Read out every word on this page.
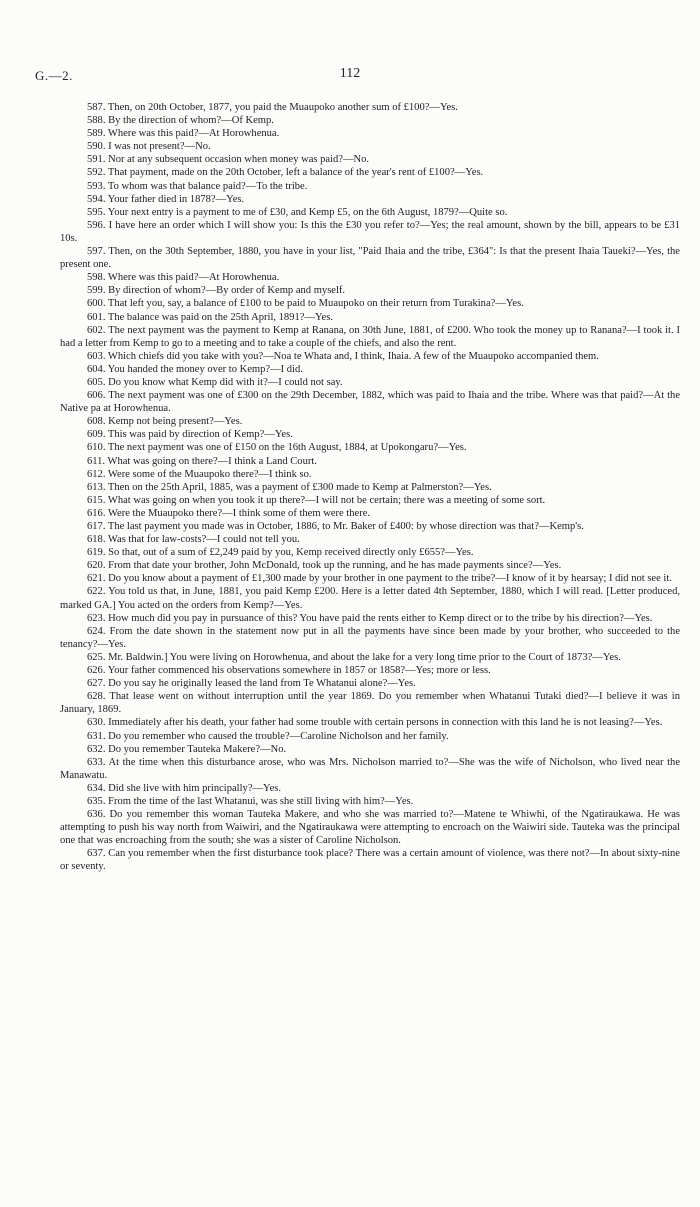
G.—2.	112

587. Then, on 20th October, 1877, you paid the Muaupoko another sum of £100?—Yes.

588. By the direction of whom?—Of Kemp.

589. Where was this paid?—At Horowhenua.

590. I was not present?—No.

591. Nor at any subsequent occasion when money was paid?—No.

592. That payment, made on the 20th October, left a balance of the year's rent of £100?—Yes.

593. To whom was that balance paid?—To the tribe.

594. Your father died in 1878?—Yes.

595. Your next entry is a payment to me of £30, and Kemp £5, on the 6th August, 1879?—Quite so.

596. I have here an order which I will show you: Is this the £30 you refer to?—Yes; the real amount, shown by the bill, appears to be £31 10s.

597. Then, on the 30th September, 1880, you have in your list, "Paid Ihaia and the tribe, £364": Is that the present Ihaia Taueki?—Yes, the present one.

598. Where was this paid?—At Horowhenua.

599. By direction of whom?—By order of Kemp and myself.

600. That left you, say, a balance of £100 to be paid to Muaupoko on their return from Turakina?—Yes.

601. The balance was paid on the 25th April, 1891?—Yes.

602. The next payment was the payment to Kemp at Ranana, on 30th June, 1881, of £200. Who took the money up to Ranana?—I took it. I had a letter from Kemp to go to a meeting and to take a couple of the chiefs, and also the rent.

603. Which chiefs did you take with you?—Noa te Whata and, I think, Ihaia. A few of the Muaupoko accompanied them.

604. You handed the money over to Kemp?—I did.

605. Do you know what Kemp did with it?—I could not say.

606. The next payment was one of £300 on the 29th December, 1882, which was paid to Ihaia and the tribe. Where was that paid?—At the Native pa at Horowhenua.

608. Kemp not being present?—Yes.

609. This was paid by direction of Kemp?—Yes.

610. The next payment was one of £150 on the 16th August, 1884, at Upokongaru?—Yes.

611. What was going on there?—I think a Land Court.

612. Were some of the Muaupoko there?—I think so.

613. Then on the 25th April, 1885, was a payment of £300 made to Kemp at Palmerston?—Yes.

615. What was going on when you took it up there?—I will not be certain; there was a meeting of some sort.

616. Were the Muaupoko there?—I think some of them were there.

617. The last payment you made was in October, 1886, to Mr. Baker of £400: by whose direction was that?—Kemp's.

618. Was that for law-costs?—I could not tell you.

619. So that, out of a sum of £2,249 paid by you, Kemp received directly only £655?—Yes.

620. From that date your brother, John McDonald, took up the running, and he has made payments since?—Yes.

621. Do you know about a payment of £1,300 made by your brother in one payment to the tribe?—I know of it by hearsay; I did not see it.

622. You told us that, in June, 1881, you paid Kemp £200. Here is a letter dated 4th September, 1880, which I will read. [Letter produced, marked GA.] You acted on the orders from Kemp?—Yes.

623. How much did you pay in pursuance of this? You have paid the rents either to Kemp direct or to the tribe by his direction?—Yes.

624. From the date shown in the statement now put in all the payments have since been made by your brother, who succeeded to the tenancy?—Yes.

625. Mr. Baldwin.] You were living on Horowhenua, and about the lake for a very long time prior to the Court of 1873?—Yes.

626. Your father commenced his observations somewhere in 1857 or 1858?—Yes; more or less.

627. Do you say he originally leased the land from Te Whatanui alone?—Yes.

628. That lease went on without interruption until the year 1869. Do you remember when Whatanui Tutaki died?—I believe it was in January, 1869.

630. Immediately after his death, your father had some trouble with certain persons in connection with this land he is not leasing?—Yes.

631. Do you remember who caused the trouble?—Caroline Nicholson and her family.

632. Do you remember Tauteka Makere?—No.

633. At the time when this disturbance arose, who was Mrs. Nicholson married to?—She was the wife of Nicholson, who lived near the Manawatu.

634. Did she live with him principally?—Yes.

635. From the time of the last Whatanui, was she still living with him?—Yes.

636. Do you remember this woman Tauteka Makere, and who she was married to?—Matene te Whiwhi, of the Ngatiraukawa. He was attempting to push his way north from Waiwiri, and the Ngatiraukawa were attempting to encroach on the Waiwiri side. Tauteka was the principal one that was encroaching from the south; she was a sister of Caroline Nicholson.

637. Can you remember when the first disturbance took place? There was a certain amount of violence, was there not?—In about sixty-nine or seventy.
